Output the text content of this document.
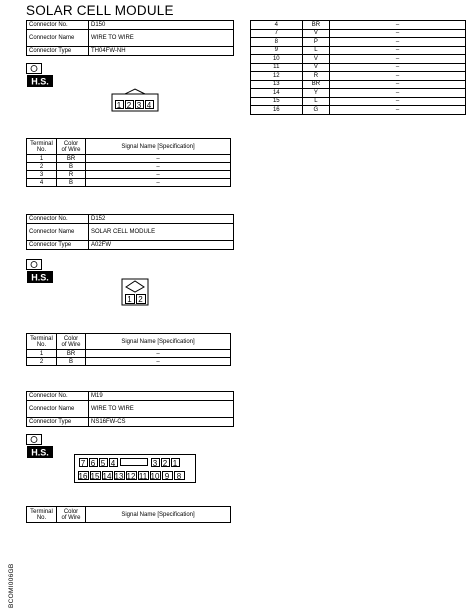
SOLAR CELL MODULE
Connector No.	D150
Connector Name	WIRE TO WIRE
Connector Type	TH04FW-NH
H.S.
1 2 3 4
Terminal
No.	Color
of Wire	Signal Name [Specification]
1	BR	–
2	B	–
3	R	–
4	B	–
Connector No.	D152
Connector Name	SOLAR CELL MODULE
Connector Type	A02FW
H.S.
1 2
Terminal
No.	Color
of Wire	Signal Name [Specification]
1	BR	–
2	B	–
Connector No.	M19
Connector Name	WIRE TO WIRE
Connector Type	NS16FW-CS
H.S.
7 6 5 4	3 2 1
16 15 14 13 12 11 10 9 8
Terminal
No.	Color
of Wire	Signal Name [Specification]
4	BR	–
7	V	–
8	P	–
9	L	–
10	V	–
11	V	–
12	R	–
13	BR	–
14	Y	–
15	L	–
16	G	–
BCOMI006GB
